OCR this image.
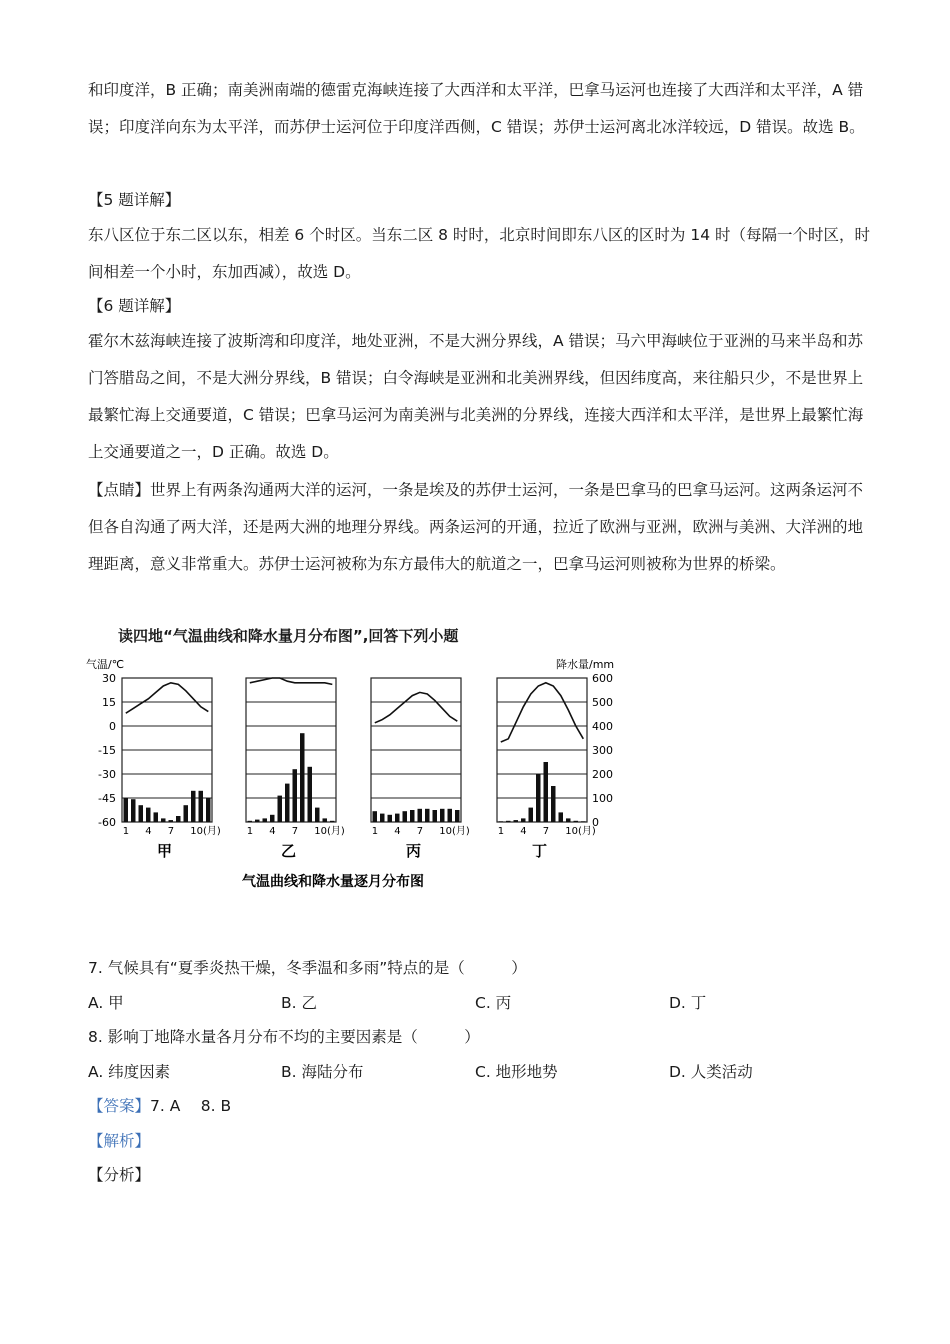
和印度洋，B 正确；南美洲南端的德雷克海峡连接了大西洋和太平洋，巴拿马运河也连接了大西洋和太平洋，A 错误；印度洋向东为太平洋，而苏伊士运河位于印度洋西侧，C 错误；苏伊士运河离北冰洋较远，D 错误。故选 B。
【5 题详解】
东八区位于东二区以东，相差 6 个时区。当东二区 8 时时，北京时间即东八区的区时为 14 时（每隔一个时区，时间相差一个小时，东加西减），故选 D。
【6 题详解】
霍尔木兹海峡连接了波斯湾和印度洋，地处亚洲，不是大洲分界线，A 错误；马六甲海峡位于亚洲的马来半岛和苏门答腊岛之间，不是大洲分界线，B 错误；白令海峡是亚洲和北美洲界线，但因纬度高，来往船只少，不是世界上最繁忙海上交通要道，C 错误；巴拿马运河为南美洲与北美洲的分界线，连接大西洋和太平洋，是世界上最繁忙海上交通要道之一，D 正确。故选 D。
【点睛】世界上有两条沟通两大洋的运河，一条是埃及的苏伊士运河，一条是巴拿马的巴拿马运河。这两条运河不但各自沟通了两大洋，还是两大洲的地理分界线。两条运河的开通，拉近了欧洲与亚洲，欧洲与美洲、大洋洲的地理距离，意义非常重大。苏伊士运河被称为东方最伟大的航道之一，巴拿马运河则被称为世界的桥梁。
读四地“气温曲线和降水量月分布图”,回答下列小题
气温/℃	降水量/mm
30
15
0
-15
-30
-45
-60
600
500
400
300
200
100
0
1 4 7 10(月)
甲
1 4 7 10(月)
乙
1 4 7 10(月)
丙
1 4 7 10(月)
丁
气温曲线和降水量逐月分布图
7. 气候具有“夏季炎热干燥，冬季温和多雨”特点的是（　　　）
A. 甲	B. 乙	C. 丙	D. 丁
8. 影响丁地降水量各月分布不均的主要因素是（　　　）
A. 纬度因素	B. 海陆分布	C. 地形地势	D. 人类活动
【答案】7. A　 8. B
【解析】
【分析】
